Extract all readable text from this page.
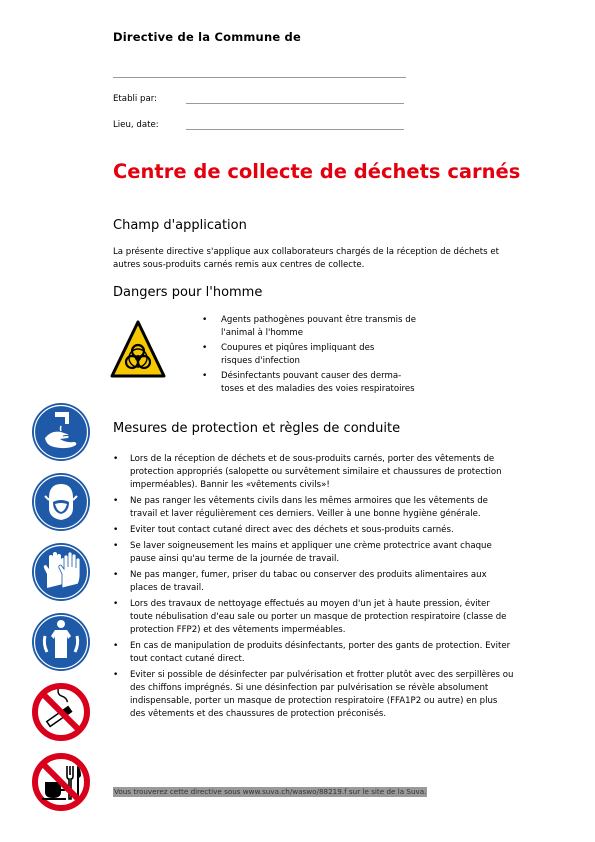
Directive de la Commune de
Etabli par:
Lieu, date:
Centre de collecte de déchets carnés
Champ d'application
La présente directive s'applique aux collaborateurs chargés de la réception de déchets et
autres sous-produits carnés remis aux centres de collecte.
Dangers pour l'homme
• Agents pathogènes pouvant être transmis de
l'animal à l'homme
• Coupures et piqûres impliquant des
risques d'infection
• Désinfectants pouvant causer des derma-
toses et des maladies des voies respiratoires
Mesures de protection et règles de conduite
• Lors de la réception de déchets et de sous-produits carnés, porter des vêtements de
protection appropriés (salopette ou survêtement similaire et chaussures de protection
imperméables). Bannir les «vêtements civils»!
• Ne pas ranger les vêtements civils dans les mêmes armoires que les vêtements de
travail et laver régulièrement ces derniers. Veiller à une bonne hygiène générale.
• Eviter tout contact cutané direct avec des déchets et sous-produits carnés.
• Se laver soigneusement les mains et appliquer une crème protectrice avant chaque
pause ainsi qu'au terme de la journée de travail.
• Ne pas manger, fumer, priser du tabac ou conserver des produits alimentaires aux
places de travail.
• Lors des travaux de nettoyage effectués au moyen d'un jet à haute pression, éviter
toute nébulisation d'eau sale ou porter un masque de protection respiratoire (classe de
protection FFP2) et des vêtements imperméables.
• En cas de manipulation de produits désinfectants, porter des gants de protection. Eviter
tout contact cutané direct.
• Eviter si possible de désinfecter par pulvérisation et frotter plutôt avec des serpillères ou
des chiffons imprégnés. Si une désinfection par pulvérisation se révèle absolument
indispensable, porter un masque de protection respiratoire (FFA1P2 ou autre) en plus
des vêtements et des chaussures de protection préconisés.
Vous trouverez cette directive sous www.suva.ch/waswo/88219.f sur le site de la Suva.
